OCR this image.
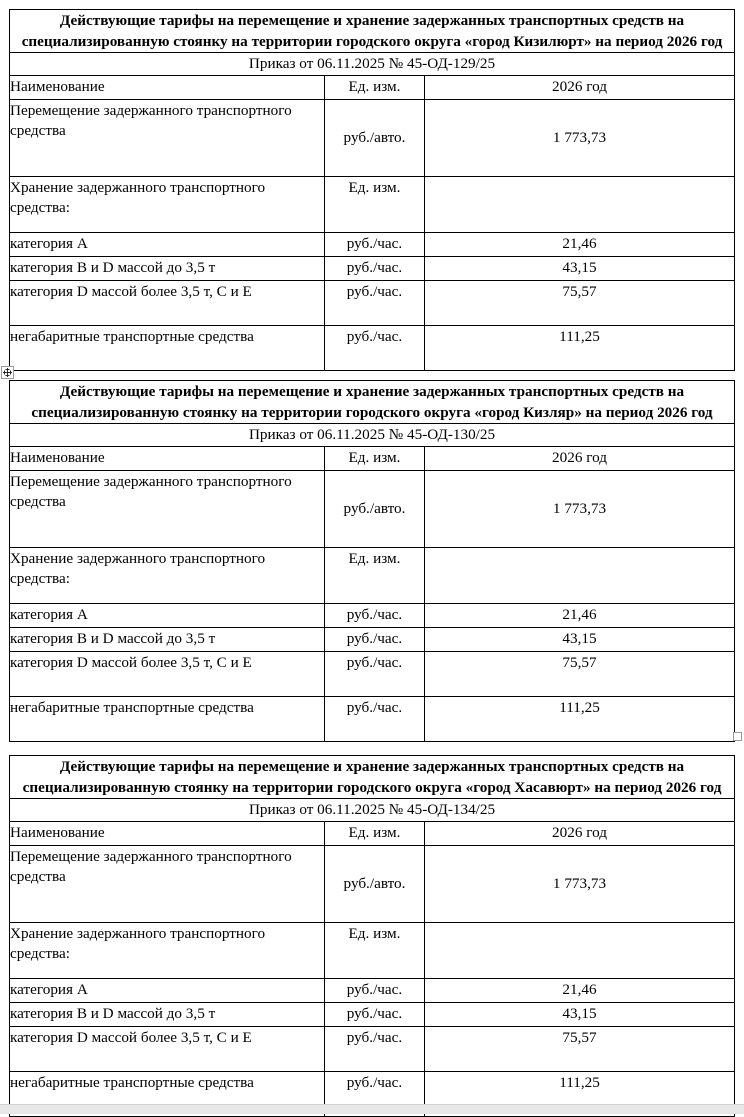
Действующие тарифы на перемещение и хранение задержанных транспортных средств на специализированную стоянку на территории городского округа «город Кизилюрт» на период 2026 год		
Приказ от 06.11.2025 № 45-ОД-129/25		
Наименование	Ед. изм.	2026 год
Перемещение задержанного транспортного средства	руб./авто.	1 773,73

Хранение задержанного транспортного средства:	Ед. изм.	
категория А	руб./час.	21,46
категория В и D массой до 3,5 т	руб./час.	43,15
категория D массой более 3,5 т, С и Е	руб./час.	75,57
негабаритные транспортные средства	руб./час.	111,25
Действующие тарифы на перемещение и хранение задержанных транспортных средств на специализированную стоянку на территории городского округа «город Кизляр» на период 2026 год		
Приказ от 06.11.2025 № 45-ОД-130/25		
Наименование	Ед. изм.	2026 год
Перемещение задержанного транспортного средства	руб./авто.	1 773,73

Хранение задержанного транспортного средства:	Ед. изм.	
категория А	руб./час.	21,46
категория В и D массой до 3,5 т	руб./час.	43,15
категория D массой более 3,5 т, С и Е	руб./час.	75,57
негабаритные транспортные средства	руб./час.	111,25
Действующие тарифы на перемещение и хранение задержанных транспортных средств на специализированную стоянку на территории городского округа «город Хасавюрт» на период 2026 год		
Приказ от 06.11.2025 № 45-ОД-134/25		
Наименование	Ед. изм.	2026 год
Перемещение задержанного транспортного средства	руб./авто.	1 773,73

Хранение задержанного транспортного средства:	Ед. изм.	
категория А	руб./час.	21,46
категория В и D массой до 3,5 т	руб./час.	43,15
категория D массой более 3,5 т, С и Е	руб./час.	75,57
негабаритные транспортные средства	руб./час.	111,25
